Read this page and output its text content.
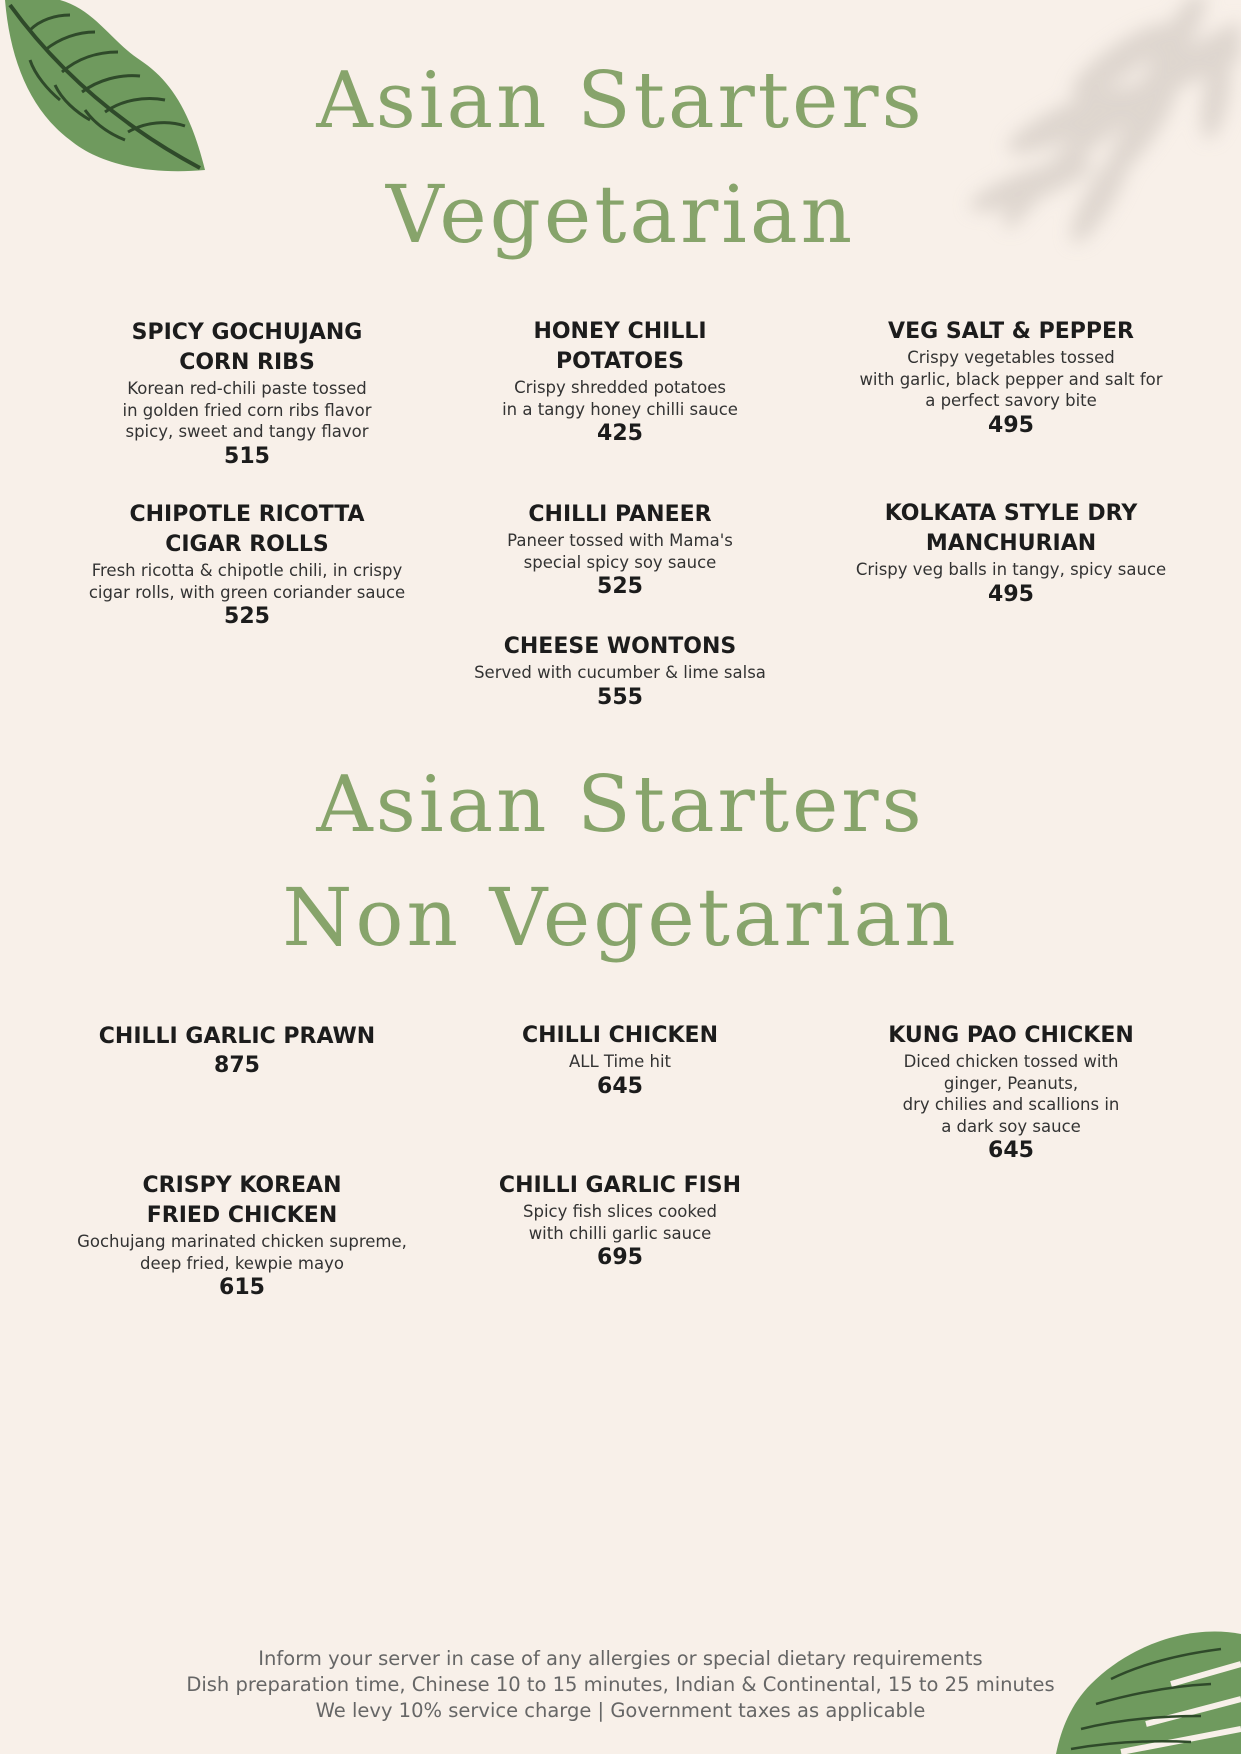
Asian Starters
Vegetarian
SPICY GOCHUJANG
CORN RIBS
Korean red-chili paste tossed
in golden fried corn ribs flavor
spicy, sweet and tangy flavor
515
HONEY CHILLI
POTATOES
Crispy shredded potatoes
in a tangy honey chilli sauce
425
VEG SALT & PEPPER
Crispy vegetables tossed
with garlic, black pepper and salt for
a perfect savory bite
495
CHIPOTLE RICOTTA
CIGAR ROLLS
Fresh ricotta & chipotle chili, in crispy
cigar rolls, with green coriander sauce
525
CHILLI PANEER
Paneer tossed with Mama's
special spicy soy sauce
525
KOLKATA STYLE DRY
MANCHURIAN
Crispy veg balls in tangy, spicy sauce
495
CHEESE WONTONS
Served with cucumber & lime salsa
555
Asian Starters
Non Vegetarian
CHILLI GARLIC PRAWN
875
CHILLI CHICKEN
ALL Time hit
645
KUNG PAO CHICKEN
Diced chicken tossed with
ginger, Peanuts,
dry chilies and scallions in
a dark soy sauce
645
CRISPY KOREAN
FRIED CHICKEN
Gochujang marinated chicken supreme,
deep fried, kewpie mayo
615
CHILLI GARLIC FISH
Spicy fish slices cooked
with chilli garlic sauce
695
Inform your server in case of any allergies or special dietary requirements
Dish preparation time, Chinese 10 to 15 minutes, Indian & Continental, 15 to 25 minutes
We levy 10% service charge | Government taxes as applicable
